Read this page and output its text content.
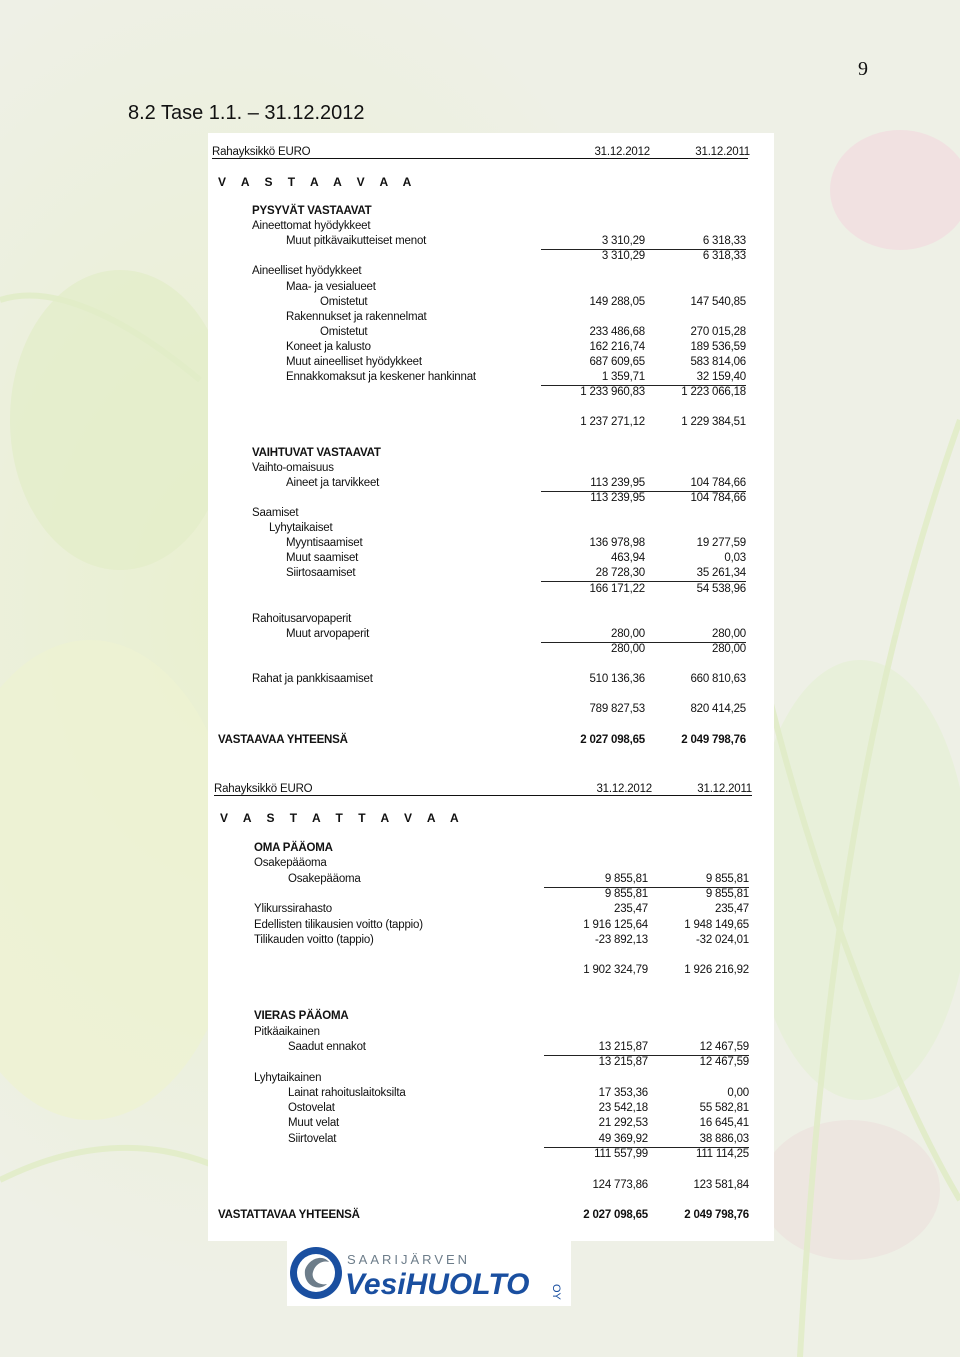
9
8.2 Tase 1.1. – 31.12.2012
Rahayksikkö EURO	31.12.2012	31.12.2011
V A S T A A V A A
PYSYVÄT VASTAAVAT
Aineettomat hyödykkeet
Muut pitkävaikutteiset menot	3 310,29	6 318,33
3 310,29	6 318,33
Aineelliset hyödykkeet
Maa- ja vesialueet
Omistetut	149 288,05	147 540,85
Rakennukset ja rakennelmat
Omistetut	233 486,68	270 015,28
Koneet ja kalusto	162 216,74	189 536,59
Muut aineelliset hyödykkeet	687 609,65	583 814,06
Ennakkomaksut ja keskener hankinnat	1 359,71	32 159,40
1 233 960,83	1 223 066,18
1 237 271,12	1 229 384,51
VAIHTUVAT VASTAAVAT
Vaihto-omaisuus
Aineet ja tarvikkeet	113 239,95	104 784,66
113 239,95	104 784,66
Saamiset
Lyhytaikaiset
Myyntisaamiset	136 978,98	19 277,59
Muut saamiset	463,94	0,03
Siirtosaamiset	28 728,30	35 261,34
166 171,22	54 538,96
Rahoitusarvopaperit
Muut arvopaperit	280,00	280,00
280,00	280,00
Rahat ja pankkisaamiset	510 136,36	660 810,63
789 827,53	820 414,25
VASTAAVAA YHTEENSÄ	2 027 098,65	2 049 798,76
Rahayksikkö EURO	31.12.2012	31.12.2011
V A S T A T T A V A A
OMA PÄÄOMA
Osakepääoma
Osakepääoma	9 855,81	9 855,81
9 855,81	9 855,81
Ylikurssirahasto	235,47	235,47
Edellisten tilikausien voitto (tappio)	1 916 125,64	1 948 149,65
Tilikauden voitto (tappio)	-23 892,13	-32 024,01
1 902 324,79	1 926 216,92
VIERAS PÄÄOMA
Pitkäaikainen
Saadut ennakot	13 215,87	12 467,59
13 215,87	12 467,59
Lyhytaikainen
Lainat rahoituslaitoksilta	17 353,36	0,00
Ostovelat	23 542,18	55 582,81
Muut velat	21 292,53	16 645,41
Siirtovelat	49 369,92	38 886,03
111 557,99	111 114,25
124 773,86	123 581,84
VASTATTAVAA YHTEENSÄ	2 027 098,65	2 049 798,76
SAARIJÄRVEN
VesiHUOLTO OY
